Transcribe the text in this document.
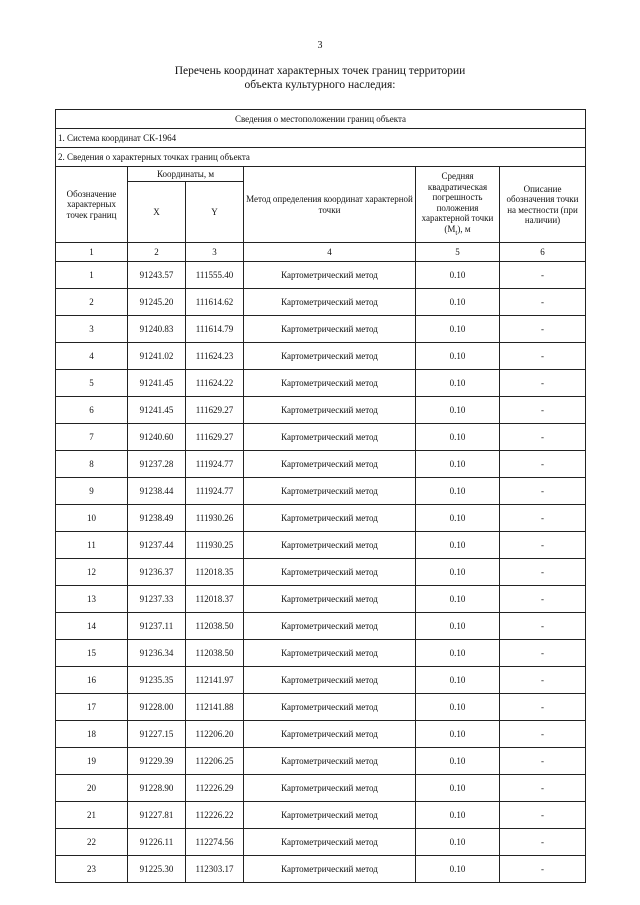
3
Перечень координат характерных точек границ территории
объекта культурного наследия:
Сведения о местоположении границ объекта					
1. Система координат СК-1964					
2. Сведения о характерных точках границ объекта					
Обозначение характерных точек границ	Координаты, м		Метод определения координат характерной точки	Средняя квадратическая погрешность положения характерной точки $(M_t)$, м	Описание обозначения точки на местности (при наличии)
	X	Y			
1	2	3	4	5	6
1	91243.57	111555.40	Картометрический метод	0.10	-
2	91245.20	111614.62	Картометрический метод	0.10	-
3	91240.83	111614.79	Картометрический метод	0.10	-
4	91241.02	111624.23	Картометрический метод	0.10	-
5	91241.45	111624.22	Картометрический метод	0.10	-
6	91241.45	111629.27	Картометрический метод	0.10	-
7	91240.60	111629.27	Картометрический метод	0.10	-
8	91237.28	111924.77	Картометрический метод	0.10	-
9	91238.44	111924.77	Картометрический метод	0.10	-
10	91238.49	111930.26	Картометрический метод	0.10	-
11	91237.44	111930.25	Картометрический метод	0.10	-
12	91236.37	112018.35	Картометрический метод	0.10	-
13	91237.33	112018.37	Картометрический метод	0.10	-
14	91237.11	112038.50	Картометрический метод	0.10	-
15	91236.34	112038.50	Картометрический метод	0.10	-
16	91235.35	112141.97	Картометрический метод	0.10	-
17	91228.00	112141.88	Картометрический метод	0.10	-
18	91227.15	112206.20	Картометрический метод	0.10	-
19	91229.39	112206.25	Картометрический метод	0.10	-
20	91228.90	112226.29	Картометрический метод	0.10	-
21	91227.81	112226.22	Картометрический метод	0.10	-
22	91226.11	112274.56	Картометрический метод	0.10	-
23	91225.30	112303.17	Картометрический метод	0.10	-
